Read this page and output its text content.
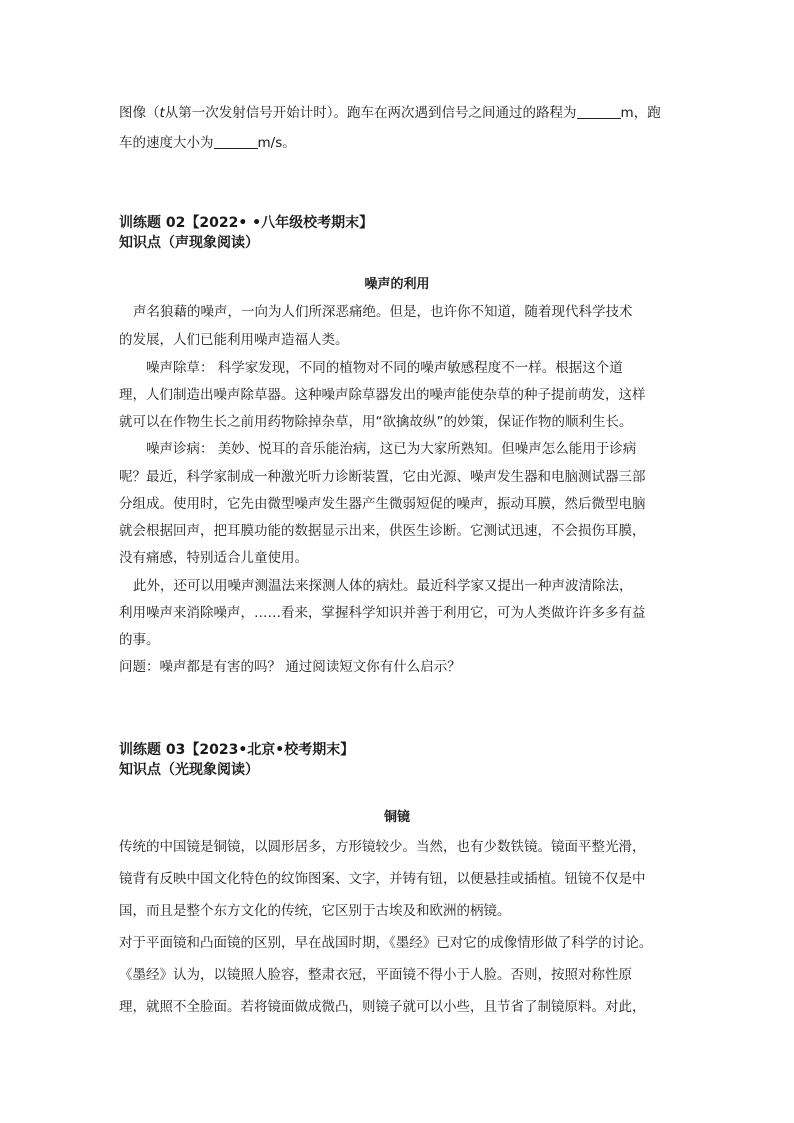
图像（t从第一次发射信号开始计时）。跑车在两次遇到信号之间通过的路程为	m，跑
车的速度大小为	m/s。
训练题 02【2022• •八年级校考期末】
知识点（声现象阅读）
噪声的利用
声名狼藉的噪声，一向为人们所深恶痛绝。但是，也许你不知道，随着现代科学技术
的发展，人们已能利用噪声造福人类。
噪声除草： 科学家发现，不同的植物对不同的噪声敏感程度不一样。根据这个道
理，人们制造出噪声除草器。这种噪声除草器发出的噪声能使杂草的种子提前萌发，这样
就可以在作物生长之前用药物除掉杂草，用“欲擒故纵”的妙策，保证作物的顺利生长。
噪声诊病： 美妙、悦耳的音乐能治病，这已为大家所熟知。但噪声怎么能用于诊病
呢？最近，科学家制成一种激光听力诊断装置，它由光源、噪声发生器和电脑测试器三部
分组成。使用时，它先由微型噪声发生器产生微弱短促的噪声，振动耳膜，然后微型电脑
就会根据回声，把耳膜功能的数据显示出来，供医生诊断。它测试迅速，不会损伤耳膜，
没有痛感，特别适合儿童使用。
此外，还可以用噪声测温法来探测人体的病灶。最近科学家又提出一种声波清除法，
利用噪声来消除噪声，……看来，掌握科学知识并善于利用它，可为人类做许许多多有益
的事。
问题：噪声都是有害的吗？ 通过阅读短文你有什么启示？
训练题 03【2023•北京•校考期末】
知识点（光现象阅读）
铜镜
传统的中国镜是铜镜，以圆形居多，方形镜较少。当然，也有少数铁镜。镜面平整光滑，
镜背有反映中国文化特色的纹饰图案、文字，并铸有钮，以便悬挂或插植。钮镜不仅是中
国，而且是整个东方文化的传统，它区别于古埃及和欧洲的柄镜。
对于平面镜和凸面镜的区别，早在战国时期，《墨经》已对它的成像情形做了科学的讨论。
《墨经》认为，以镜照人脸容，整肃衣冠，平面镜不得小于人脸。否则，按照对称性原
理，就照不全脸面。若将镜面做成微凸，则镜子就可以小些，且节省了制镜原料。对此，
